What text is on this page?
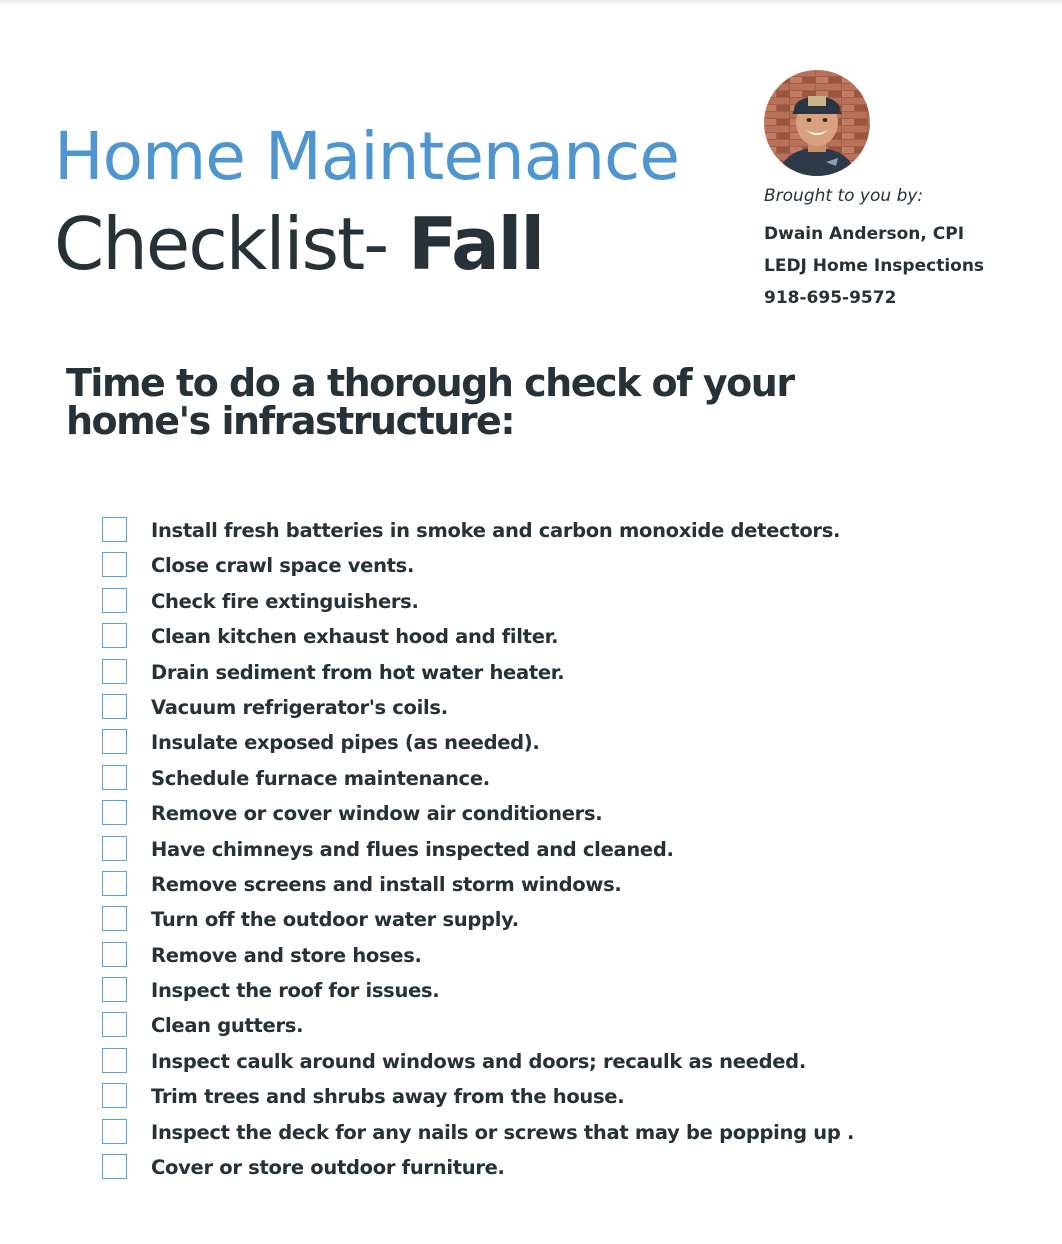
Home Maintenance
Checklist- Fall
Brought to you by:
Dwain Anderson, CPI
LEDJ Home Inspections
918-695-9572
Time to do a thorough check of your home's infrastructure:
Install fresh batteries in smoke and carbon monoxide detectors.
Close crawl space vents.
Check fire extinguishers.
Clean kitchen exhaust hood and filter.
Drain sediment from hot water heater.
Vacuum refrigerator's coils.
Insulate exposed pipes (as needed).
Schedule furnace maintenance.
Remove or cover window air conditioners.
Have chimneys and flues inspected and cleaned.
Remove screens and install storm windows.
Turn off the outdoor water supply.
Remove and store hoses.
Inspect the roof for issues.
Clean gutters.
Inspect caulk around windows and doors; recaulk as needed.
Trim trees and shrubs away from the house.
Inspect the deck for any nails or screws that may be popping up .
Cover or store outdoor furniture.
